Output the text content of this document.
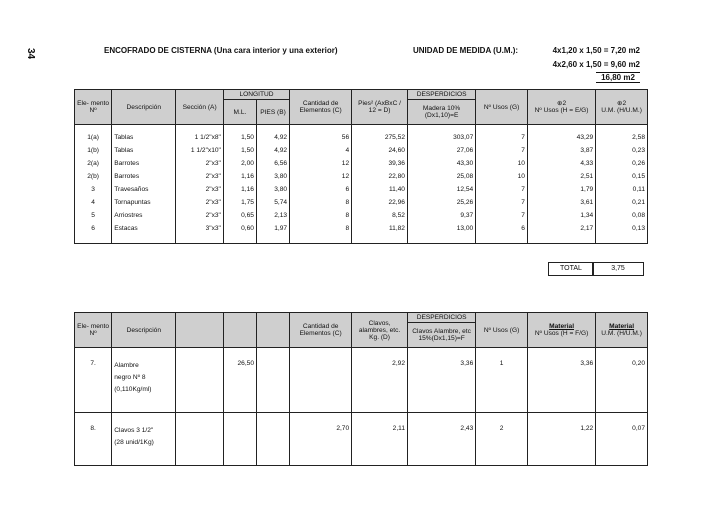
34	ENCOFRADO DE CISTERNA (Una cara interior y una exterior)	UNIDAD DE MEDIDA (U.M.):	4x1,20 x 1,50 = 7,20 m2
4x2,60 x 1,50 = 9,60 m2
16,80 m2
Ele- mento Nº	Descripción	Sección (A)	LONGITUD		Cantidad de Elementos (C)	Pies² (AxBxC / 12 = D)	DESPERDICIOS	Nº Usos (G)	⊕2
Nº Usos (H = E/G)	⊕2
U.M. (H/U.M.)
			M.L.	PIES (B)			Madera 10% (Dx1,10)=E			

1(a)	Tablas	1 1/2"x8"	1,50	4,92	56	275,52	303,07	7	43,29	2,58
1(b)	Tablas	1 1/2"x10"	1,50	4,92	4	24,60	27,06	7	3,87	0,23
2(a)	Barrotes	2"x3"	2,00	6,56	12	39,36	43,30	10	4,33	0,26
2(b)	Barrotes	2"x3"	1,16	3,80	12	22,80	25,08	10	2,51	0,15
3	Travesaños	2"x3"	1,16	3,80	6	11,40	12,54	7	1,79	0,11
4	Tornapuntas	2"x3"	1,75	5,74	8	22,96	25,26	7	3,61	0,21
5	Arriostres	2"x3"	0,65	2,13	8	8,52	9,37	7	1,34	0,08
6	Estacas	3"x3"	0,60	1,97	8	11,82	13,00	6	2,17	0,13

TOTAL	3,75
Ele- mento Nº	Descripción				Cantidad de Elementos (C)	Clavos, alambres, etc. Kg. (D)	DESPERDICIOS	Nº Usos (G)	Material
Nº Usos (H = F/G)	Material
U.M. (H/U.M.)
							Clavos Alambre, etc 15%(Dx1,15)=F			

7.	Alambre
negro Nº 8
(0,110Kg/ml)		26,50			2,92	3,36	1	3,36	0,20
8.	Clavos 3 1/2"
(28 unid/1Kg)				2,70	2,11	2,43	2	1,22	0,07
